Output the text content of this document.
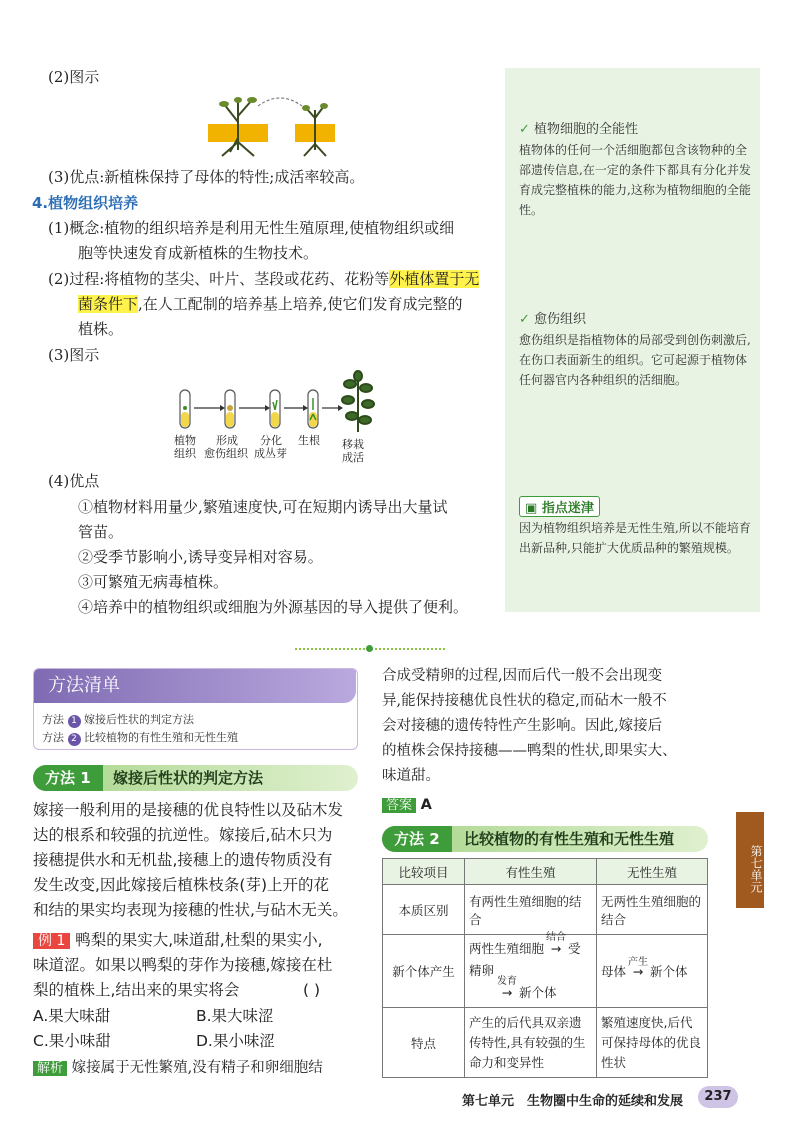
(2)图示
(3)优点:新植株保持了母体的特性;成活率较高。
4.植物组织培养
(1)概念:植物的组织培养是利用无性生殖原理,使植物组织或细
胞等快速发育成新植株的生物技术。
(2)过程:将植物的茎尖、叶片、茎段或花药、花粉等外植体置于无
菌条件下,在人工配制的培养基上培养,使它们发育成完整的
植株。
(3)图示
植物
组织
形成
愈伤组织
分化
成丛芽
生根 移栽
成活
(4)优点
①植物材料用量少,繁殖速度快,可在短期内诱导出大量试
管苗。
②受季节影响小,诱导变异相对容易。
③可繁殖无病毒植株。
④培养中的植物组织或细胞为外源基因的导入提供了便利。
✓ 植物细胞的全能性
植物体的任何一个活细胞都包含该物种的全部遗传信息,在一定的条件下都具有分化并发育成完整植株的能力,这称为植物细胞的全能性。
✓ 愈伤组织
愈伤组织是指植物体的局部受到创伤刺激后,在伤口表面新生的组织。它可起源于植物体任何器官内各种组织的活细胞。
▣ 指点迷津
因为植物组织培养是无性生殖,所以不能培育出新品种,只能扩大优质品种的繁殖规模。
方法清单
方法 1 嫁接后性状的判定方法
方法 2 比较植物的有性生殖和无性生殖
方法 1	嫁接后性状的判定方法
嫁接一般利用的是接穗的优良特性以及砧木发
达的根系和较强的抗逆性。嫁接后,砧木只为
接穗提供水和无机盐,接穗上的遗传物质没有
发生改变,因此嫁接后植株枝条(芽)上开的花
和结的果实均表现为接穗的性状,与砧木无关。
例 1 鸭梨的果实大,味道甜,杜梨的果实小,
味道涩。如果以鸭梨的芽作为接穗,嫁接在杜
梨的植株上,结出来的果实将会	( )
A.果大味甜	B.果大味涩
C.果小味甜	D.果小味涩
解析 嫁接属于无性繁殖,没有精子和卵细胞结
合成受精卵的过程,因而后代一般不会出现变
异,能保持接穗优良性状的稳定,而砧木一般不
会对接穗的遗传特性产生影响。因此,嫁接后
的植株会保持接穗——鸭梨的性状,即果实大、
味道甜。
答案 A
方法 2	比较植物的有性生殖和无性生殖
比较项目	有性生殖	无性生殖
本质区别	有两性生殖细胞的结合	无两性生殖细胞的结合
新个体产生	两性生殖细胞
结合
→ 受精卵

发育
→ 新个体	母体
产生
→ 新个体
特点	产生的后代具双亲遗传特性,具有较强的生命力和变异性	繁殖速度快,后代可保持母体的优良性状
第七单元
第七单元　生物圈中生命的延续和发展	237
